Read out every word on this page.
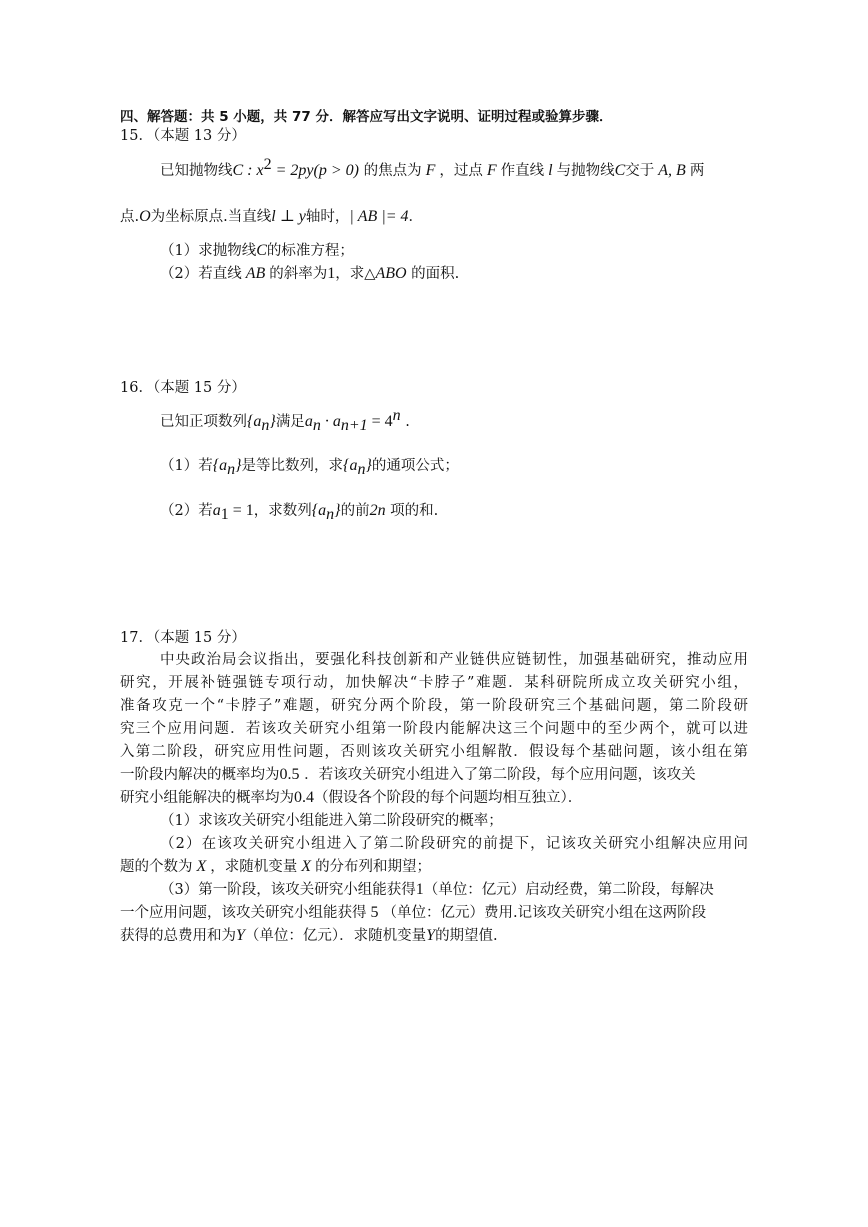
四、解答题：共 5 小题，共 77 分．解答应写出文字说明、证明过程或验算步骤．
15．（本题 13 分）
已知抛物线C : $x^2 = 2py(p > 0)$ 的焦点为 F ，过点 F 作直线 l 与抛物线C交于 A, B 两
点.O为坐标原点.当直线l ⊥ y轴时，| AB |= 4．
（1）求抛物线C的标准方程；
（2）若直线 AB 的斜率为1，求△ABO 的面积.
16．（本题 15 分）
已知正项数列$\{a_n\}$满足$a_n \cdot a_{n+1} = 4^n$ .
（1）若$\{a_n\}$是等比数列，求$\{a_n\}$的通项公式；
（2）若$a_1 = 1$，求数列$\{a_n\}$的前2n 项的和.
17．（本题 15 分）
中央政治局会议指出，要强化科技创新和产业链供应链韧性，加强基础研究，推动应用
研究，开展补链强链专项行动，加快解决“卡脖子”难题．某科研院所成立攻关研究小组，
准备攻克一个“卡脖子”难题，研究分两个阶段，第一阶段研究三个基础问题，第二阶段研
究三个应用问题．若该攻关研究小组第一阶段内能解决这三个问题中的至少两个，就可以进
入第二阶段，研究应用性问题，否则该攻关研究小组解散．假设每个基础问题，该小组在第
一阶段内解决的概率均为0.5 ．若该攻关研究小组进入了第二阶段，每个应用问题，该攻关
研究小组能解决的概率均为0.4（假设各个阶段的每个问题均相互独立）．
（1）求该攻关研究小组能进入第二阶段研究的概率；
（2）在该攻关研究小组进入了第二阶段研究的前提下，记该攻关研究小组解决应用问
题的个数为 X ，求随机变量 X 的分布列和期望；
（3）第一阶段，该攻关研究小组能获得1（单位：亿元）启动经费，第二阶段，每解决
一个应用问题，该攻关研究小组能获得 5 （单位：亿元）费用.记该攻关研究小组在这两阶段
获得的总费用和为Y（单位：亿元）．求随机变量Y的期望值.
